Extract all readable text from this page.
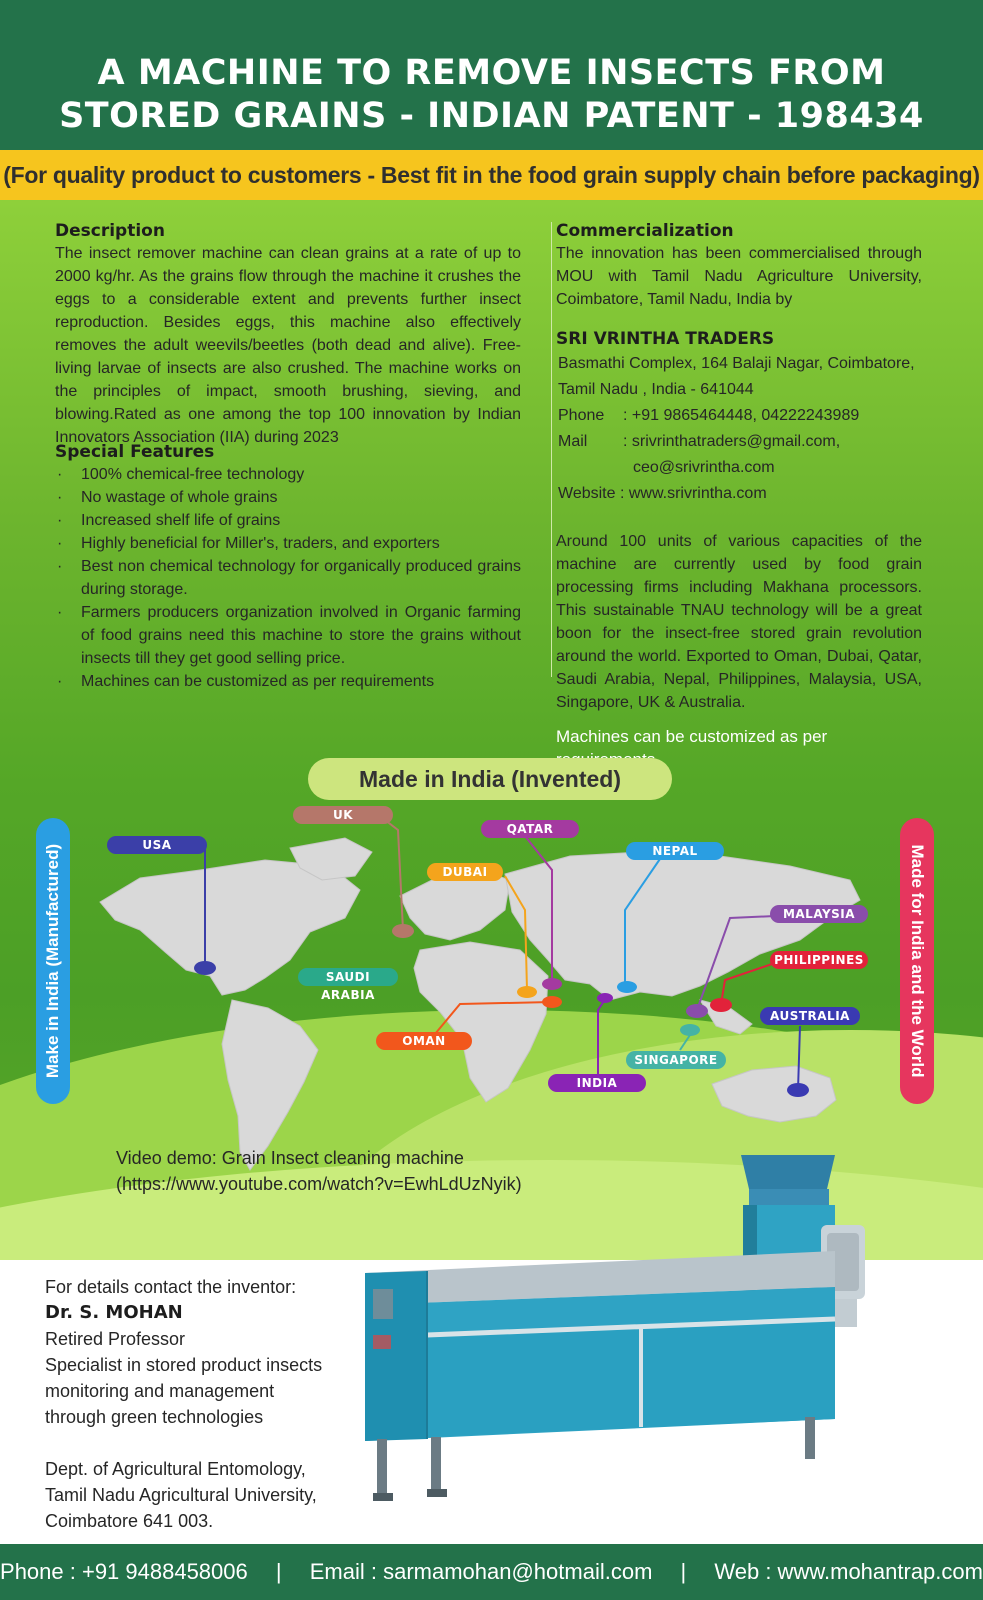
A MACHINE TO REMOVE INSECTS FROM
STORED GRAINS - INDIAN PATENT - 198434

(For quality product to customers - Best fit in the food grain supply chain before packaging)

Description

The insect remover machine can clean grains at a rate of up to 2000 kg/hr. As the grains flow through the machine it crushes the eggs to a considerable extent and prevents further insect reproduction. Besides eggs, this machine also effectively removes the adult weevils/beetles (both dead and alive). Free-living larvae of insects are also crushed. The machine works on the principles of impact, smooth brushing, sieving, and blowing.Rated as one among the top 100 innovation by Indian Innovators Association (IIA) during 2023

Special Features
· 100% chemical-free technology
· No wastage of whole grains
· Increased shelf life of grains
· Highly beneficial for Miller's, traders, and exporters
· Best non chemical technology for organically produced grains during storage.
· Farmers producers organization involved in Organic farming of food grains need this machine to store the grains without insects till they get good selling price.
· Machines can be customized as per requirements
Commercialization

The innovation has been commercialised through MOU with Tamil Nadu Agriculture University, Coimbatore, Tamil Nadu, India by

SRI VRINTHA TRADERS
Basmathi Complex, 164 Balaji Nagar, Coimbatore,	
Tamil Nadu , India - 641044	
Phone	: +91 9865464448, 04222243989
Mail	: srivrinthatraders@gmail.com,
	ceo@srivrintha.com
Website : www.srivrintha.com	

Around 100 units of various capacities of the machine are currently used by food grain processing firms including Makhana processors. This sustainable TNAU technology will be a great boon for the insect-free stored grain revolution around the world. Exported to Oman, Dubai, Qatar, Saudi Arabia, Nepal, Philippines, Malaysia, USA, Singapore, UK & Australia.

Machines can be customized as per

Made in India (Invented)
Make in India (Manufactured)	Made for India and the World
USA
UK
QATAR
NEPAL
DUBAI
MALAYSIA
PHILIPPINES
SAUDI ARABIA
AUSTRALIA
OMAN
SINGAPORE
INDIA
Video demo: Grain Insect cleaning machine
(https://www.youtube.com/watch?v=EwhLdUzNyik)
For details contact the inventor:
Dr. S. MOHAN
Retired Professor
Specialist in stored product insects
monitoring and management
through green technologies
Dept. of Agricultural Entomology,
Tamil Nadu Agricultural University,
Coimbatore 641 003.
Phone : +91 9488458006 | Email : sarmamohan@hotmail.com | Web : www.mohantrap.com
